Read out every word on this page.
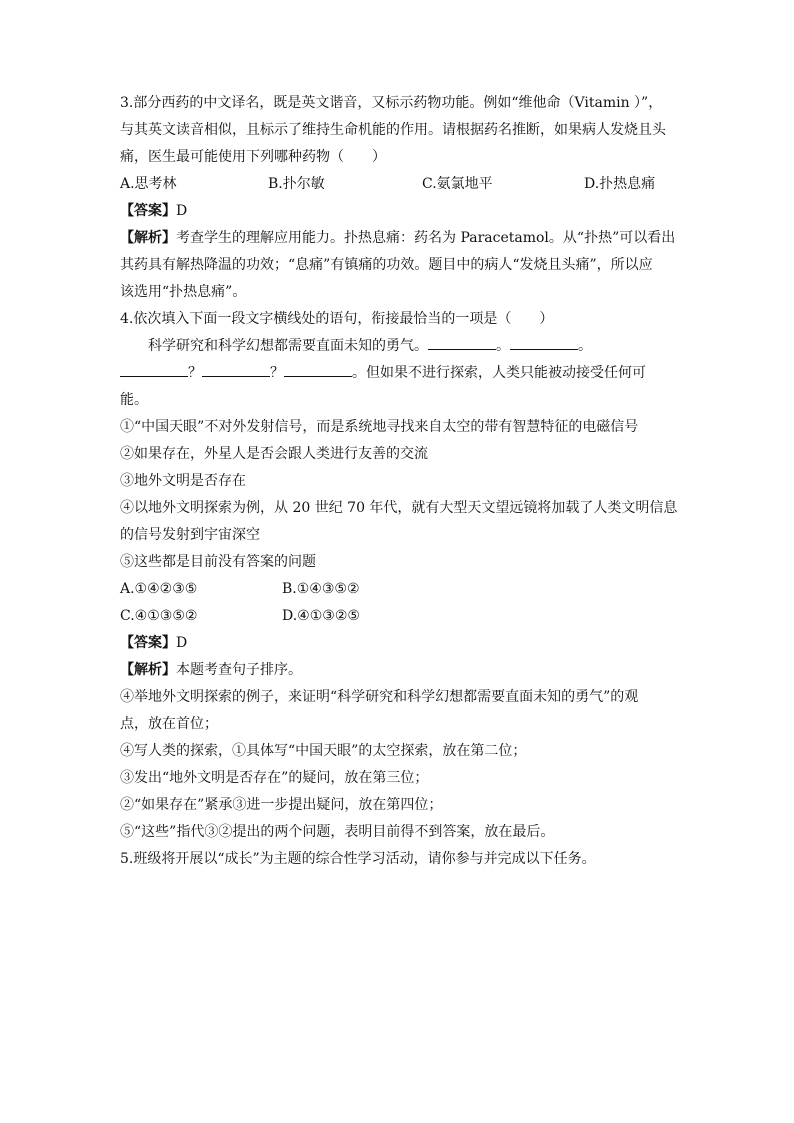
3.部分西药的中文译名，既是英文谐音，又标示药物功能。例如“维他命（Vitamin ）”，
与其英文读音相似，且标示了维持生命机能的作用。请根据药名推断，如果病人发烧且头
痛，医生最可能使用下列哪种药物（　　）
A.思考林	B.扑尔敏	C.氨氯地平	D.扑热息痛
【答案】D
【解析】考查学生的理解应用能力。扑热息痛：药名为 Paracetamol。从“扑热”可以看出
其药具有解热降温的功效；“息痛”有镇痛的功效。题目中的病人“发烧且头痛”，所以应
该选用“扑热息痛”。
4.依次填入下面一段文字横线处的语句，衔接最恰当的一项是（　　）
科学研究和科学幻想都需要直面未知的勇气。	。	。
？	？	。但如果不进行探索，人类只能被动接受任何可
能。
①“中国天眼”不对外发射信号，而是系统地寻找来自太空的带有智慧特征的电磁信号
②如果存在，外星人是否会跟人类进行友善的交流
③地外文明是否存在
④以地外文明探索为例，从 20 世纪 70 年代，就有大型天文望远镜将加载了人类文明信息
的信号发射到宇宙深空
⑤这些都是目前没有答案的问题
A.①④②③⑤	B.①④③⑤②
C.④①③⑤②	D.④①③②⑤
【答案】D
【解析】本题考查句子排序。
④举地外文明探索的例子，来证明“科学研究和科学幻想都需要直面未知的勇气”的观
点，放在首位；
④写人类的探索，①具体写“中国天眼”的太空探索，放在第二位；
③发出“地外文明是否存在”的疑问，放在第三位；
②“如果存在”紧承③进一步提出疑问，放在第四位；
⑤“这些”指代③②提出的两个问题，表明目前得不到答案，放在最后。
5.班级将开展以“成长”为主题的综合性学习活动，请你参与并完成以下任务。
